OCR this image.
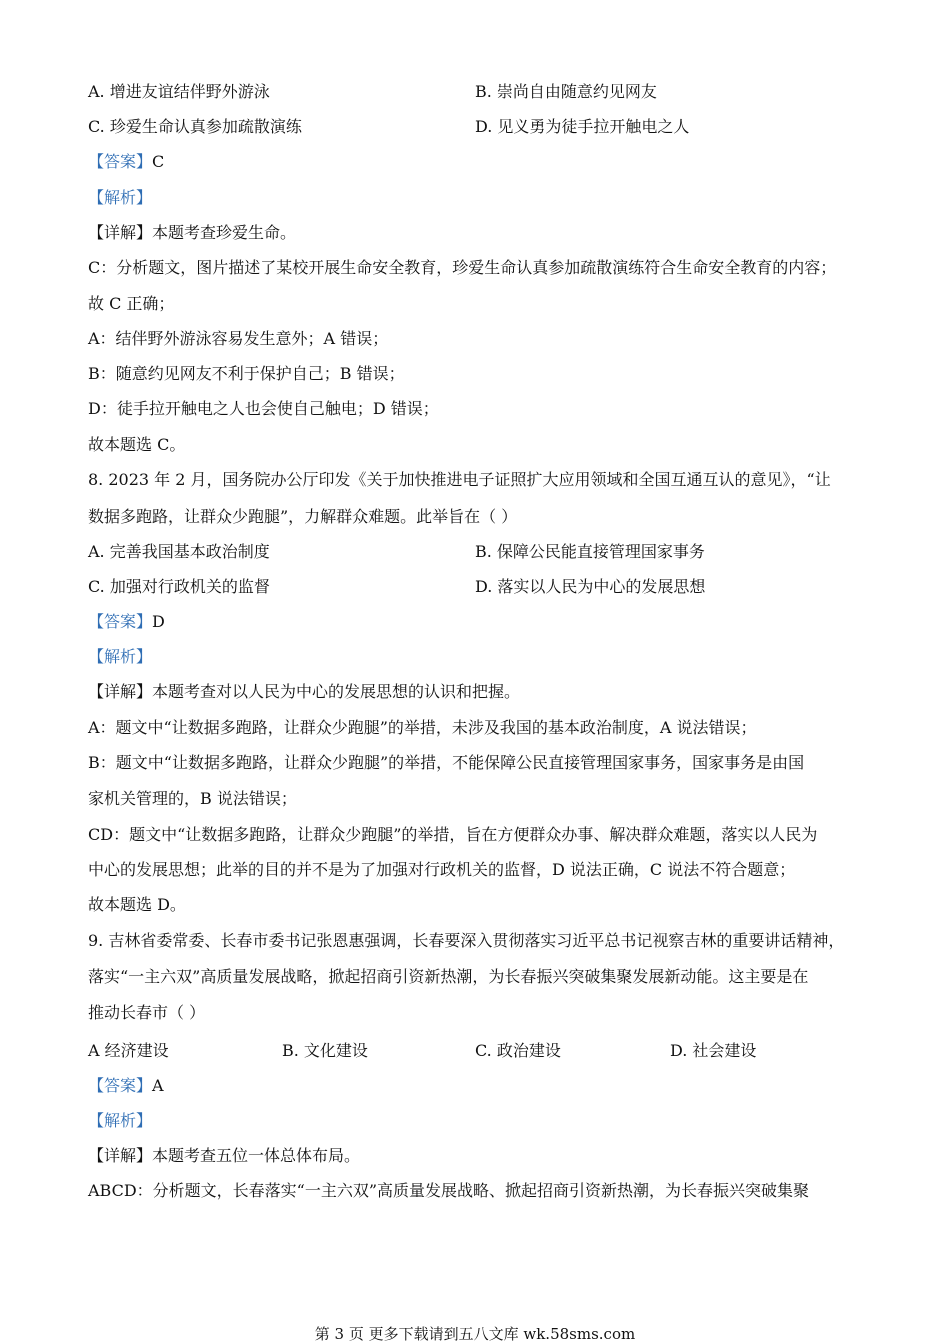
A. 增进友谊结伴野外游泳	B. 崇尚自由随意约见网友
C. 珍爱生命认真参加疏散演练	D. 见义勇为徒手拉开触电之人
【答案】C
【解析】
【详解】本题考查珍爱生命。
C：分析题文，图片描述了某校开展生命安全教育，珍爱生命认真参加疏散演练符合生命安全教育的内容；
故 C 正确；
A：结伴野外游泳容易发生意外；A 错误；
B：随意约见网友不利于保护自己；B 错误；
D：徒手拉开触电之人也会使自己触电；D 错误；
故本题选 C。
8. 2023 年 2 月，国务院办公厅印发《关于加快推进电子证照扩大应用领域和全国互通互认的意见》，“让
数据多跑路，让群众少跑腿”，力解群众难题。此举旨在（ ）
A. 完善我国基本政治制度	B. 保障公民能直接管理国家事务
C. 加强对行政机关的监督	D. 落实以人民为中心的发展思想
【答案】D
【解析】
【详解】本题考查对以人民为中心的发展思想的认识和把握。
A：题文中“让数据多跑路，让群众少跑腿”的举措，未涉及我国的基本政治制度，A 说法错误；
B：题文中“让数据多跑路，让群众少跑腿”的举措，不能保障公民直接管理国家事务，国家事务是由国
家机关管理的，B 说法错误；
CD：题文中“让数据多跑路，让群众少跑腿”的举措，旨在方便群众办事、解决群众难题，落实以人民为
中心的发展思想；此举的目的并不是为了加强对行政机关的监督，D 说法正确，C 说法不符合题意；
故本题选 D。
9. 吉林省委常委、长春市委书记张恩惠强调，长春要深入贯彻落实习近平总书记视察吉林的重要讲话精神，
落实“一主六双”高质量发展战略，掀起招商引资新热潮，为长春振兴突破集聚发展新动能。这主要是在
推动长春市（ ）
A 经济建设	B. 文化建设	C. 政治建设	D. 社会建设
【答案】A
【解析】
【详解】本题考查五位一体总体布局。
ABCD：分析题文，长春落实“一主六双”高质量发展战略、掀起招商引资新热潮，为长春振兴突破集聚
第 3 页 更多下载请到五八文库 wk.58sms.com
